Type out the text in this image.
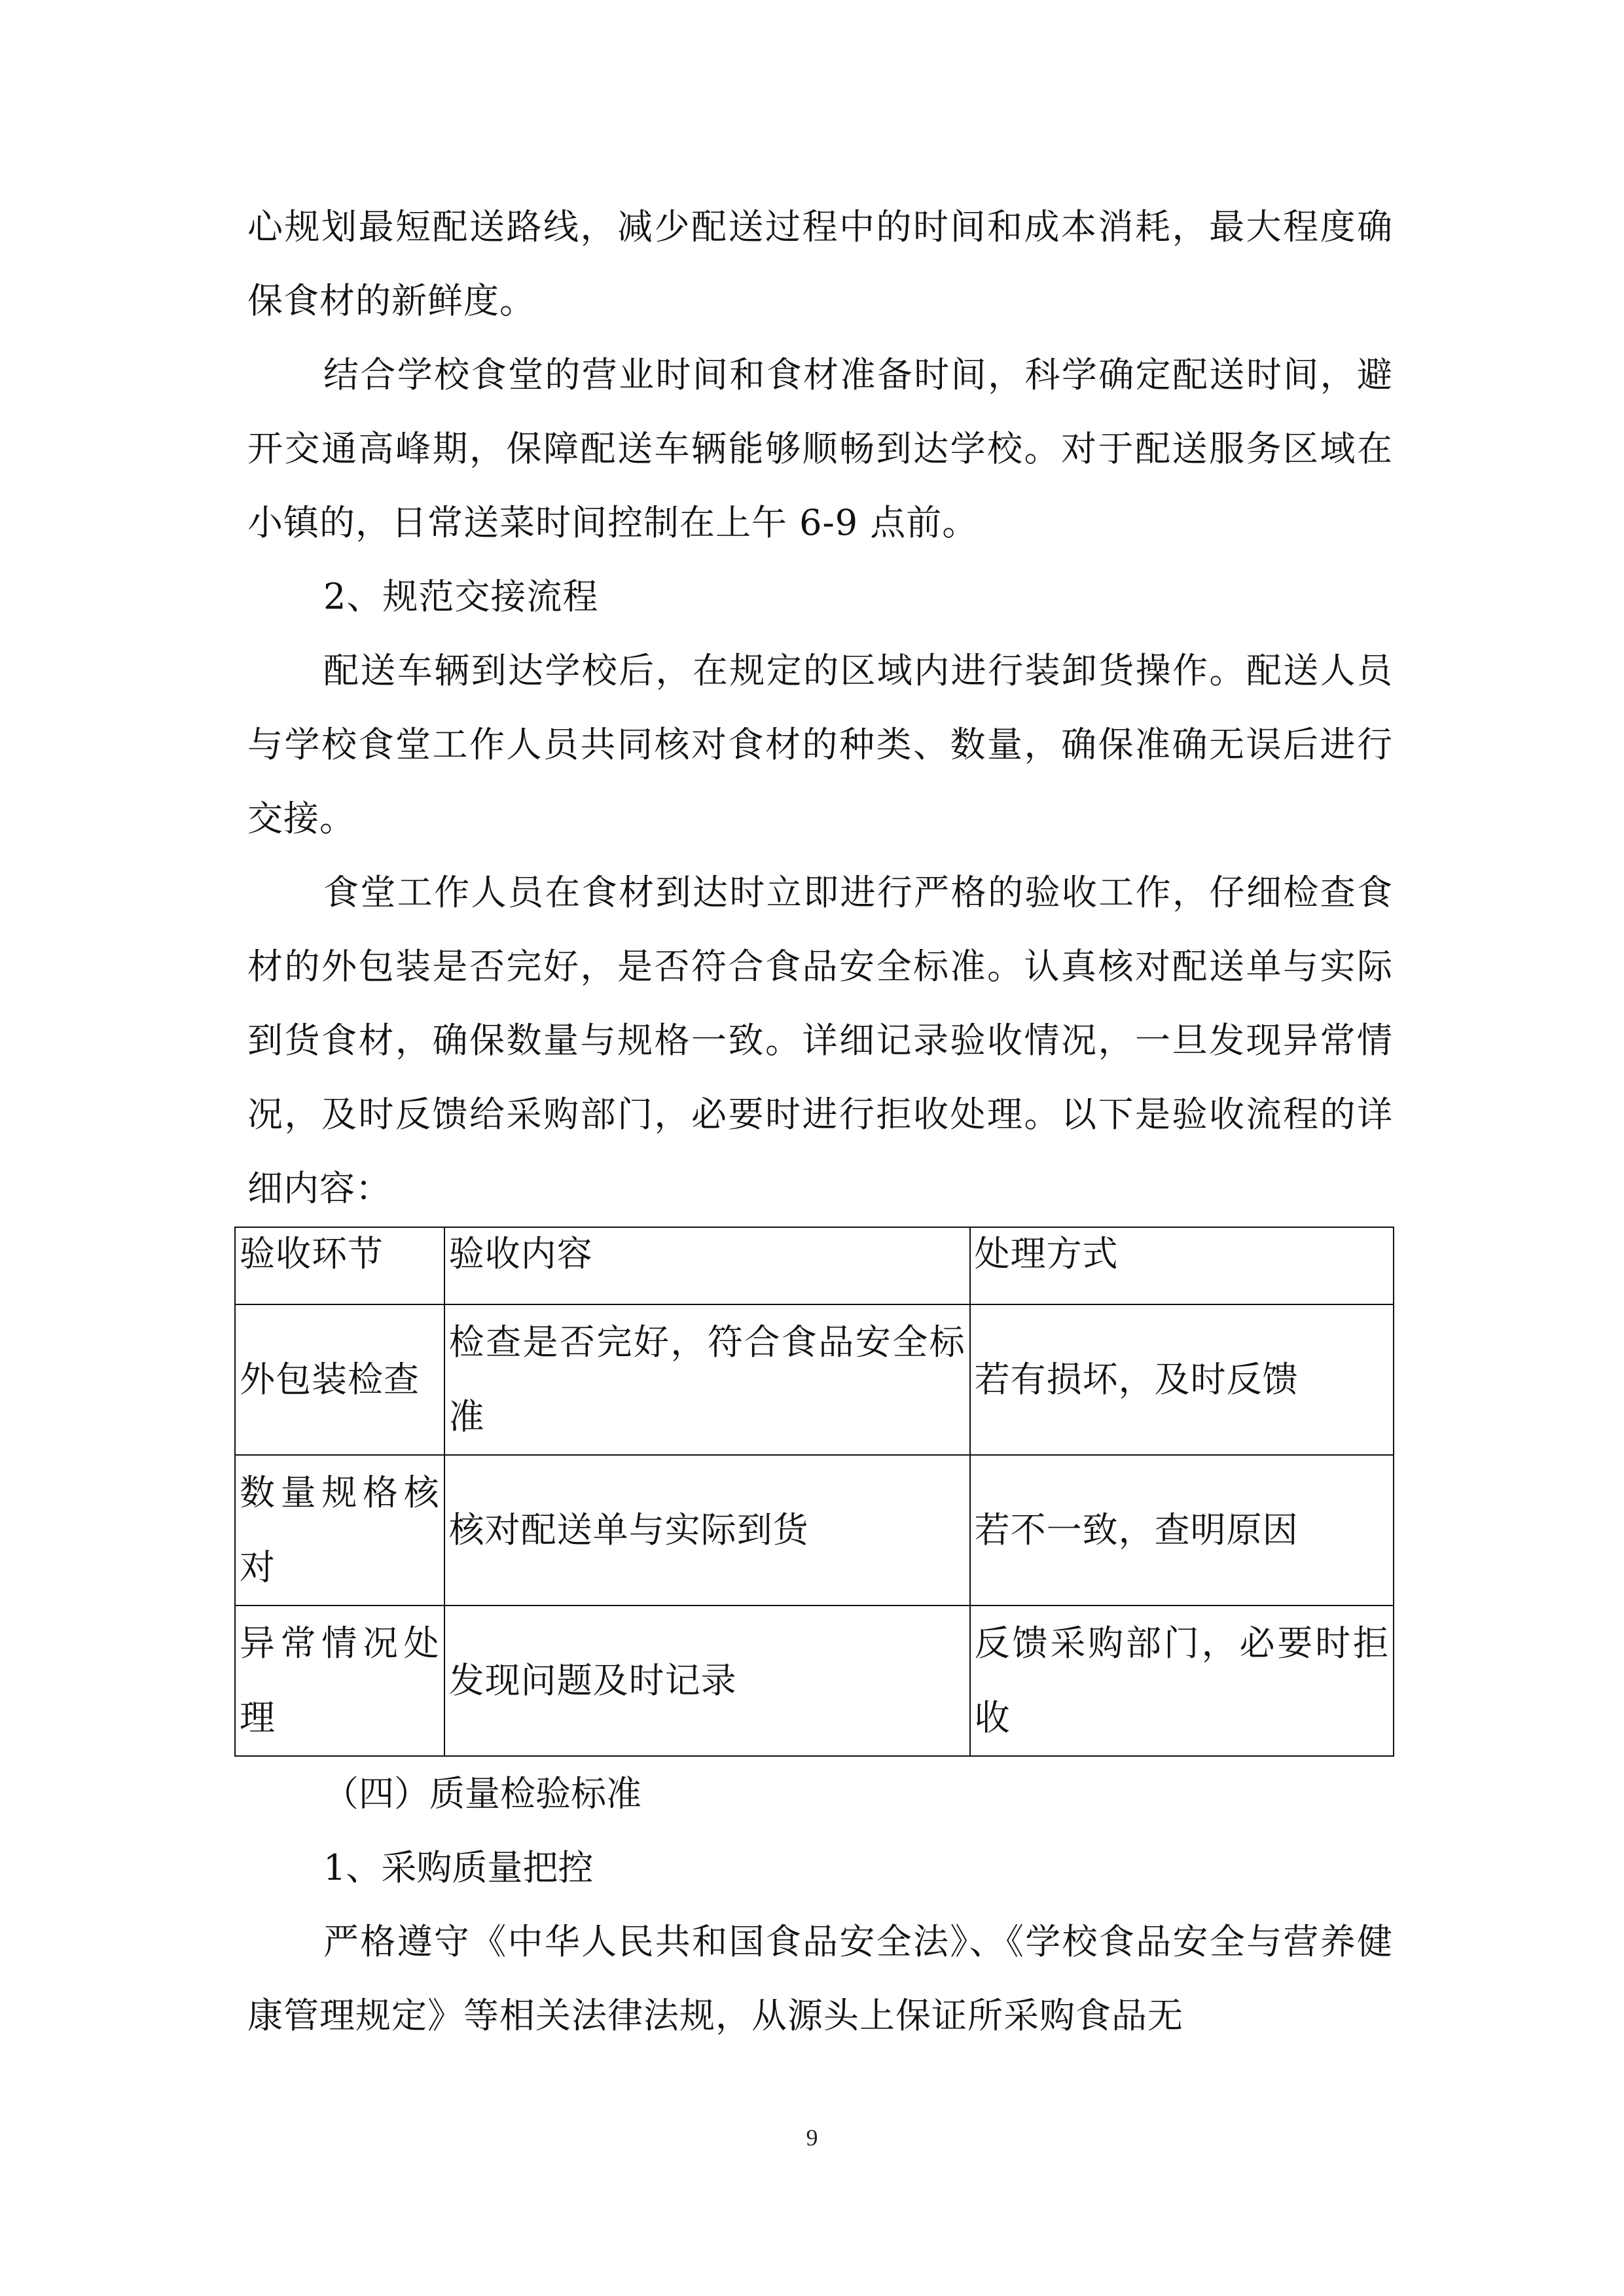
心规划最短配送路线，减少配送过程中的时间和成本消耗，最大程度确保食材的新鲜度。

结合学校食堂的营业时间和食材准备时间，科学确定配送时间，避开交通高峰期，保障配送车辆能够顺畅到达学校。对于配送服务区域在小镇的，日常送菜时间控制在上午 6-9 点前。

2、规范交接流程

配送车辆到达学校后，在规定的区域内进行装卸货操作。配送人员与学校食堂工作人员共同核对食材的种类、数量，确保准确无误后进行交接。

食堂工作人员在食材到达时立即进行严格的验收工作，仔细检查食材的外包装是否完好，是否符合食品安全标准。认真核对配送单与实际到货食材，确保数量与规格一致。详细记录验收情况，一旦发现异常情况，及时反馈给采购部门，必要时进行拒收处理。以下是验收流程的详细内容：

验收环节	验收内容	处理方式
外包装检查	检查是否完好，符合食品安全标准	若有损坏，及时反馈
数量规格核对	核对配送单与实际到货	若不一致，查明原因
异常情况处理	发现问题及时记录	反馈采购部门，必要时拒收

（四）质量检验标准

1、采购质量把控

严格遵守《中华人民共和国食品安全法》、《学校食品安全与营养健康管理规定》等相关法律法规，从源头上保证所采购食品无

9
